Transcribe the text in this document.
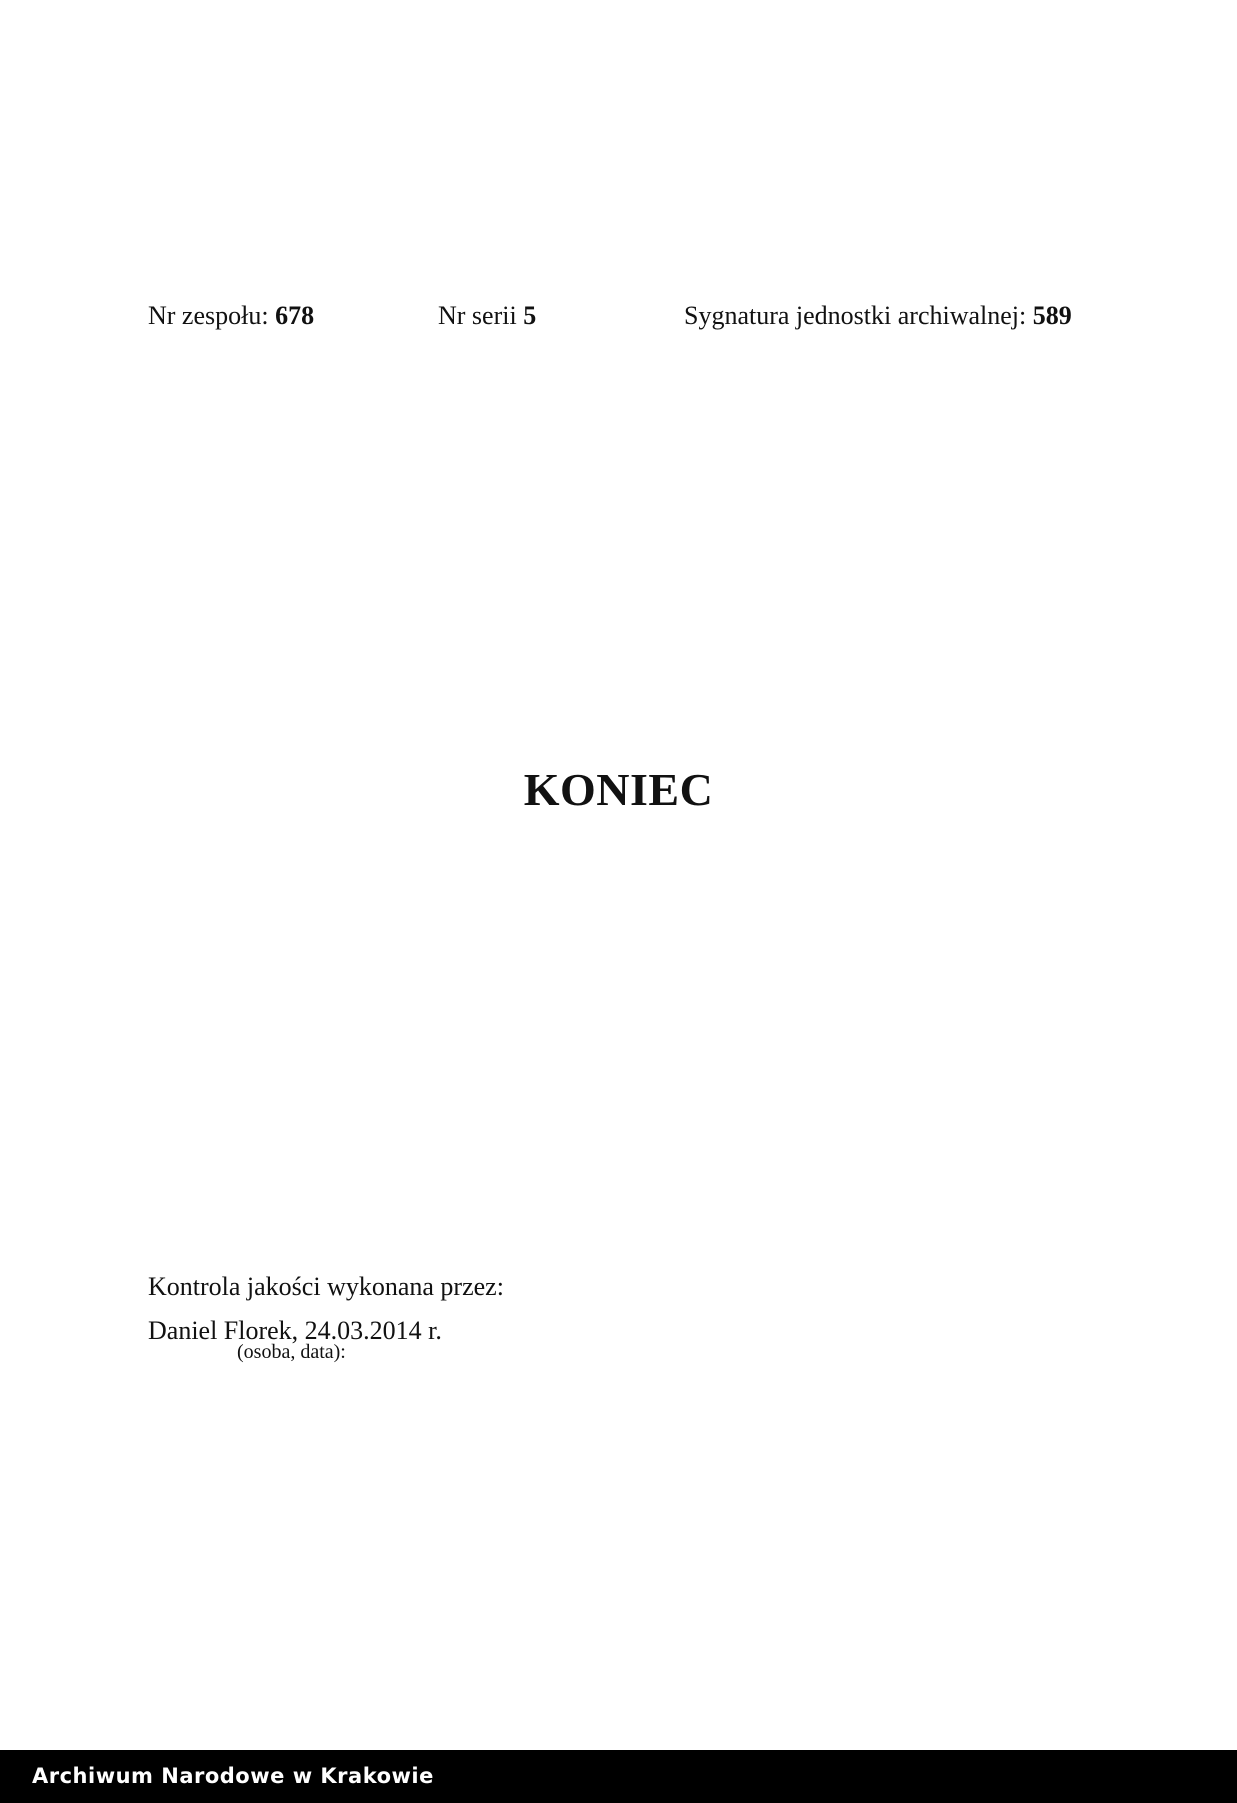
Nr zespołu: 678	Nr serii 5	Sygnatura jednostki archiwalnej: 589
KONIEC
Kontrola jakości wykonana przez:
Daniel Florek, 24.03.2014 r.
(osoba, data):
Archiwum Narodowe w Krakowie
